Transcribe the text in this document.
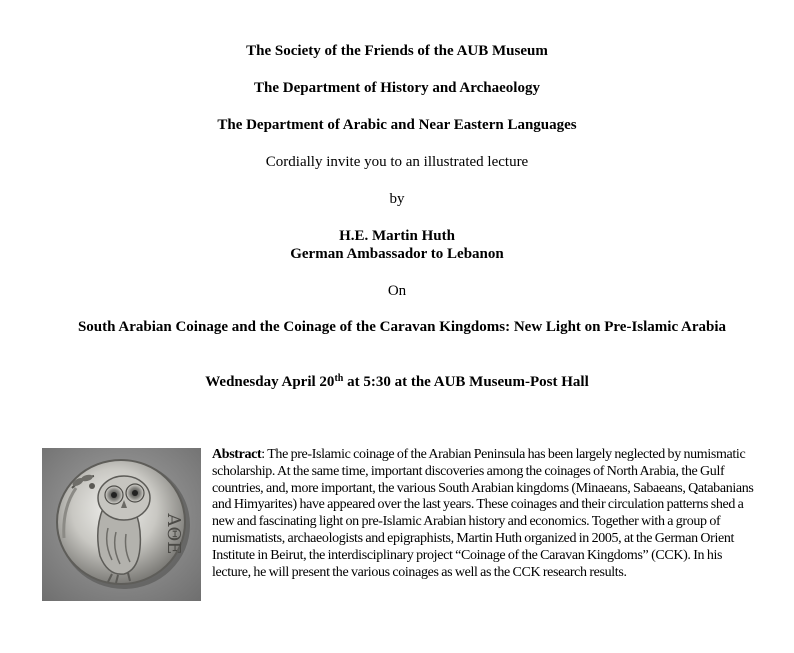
The Society of the Friends of the AUB Museum
The Department of History and Archaeology
The Department of Arabic and Near Eastern Languages
Cordially invite you to an illustrated lecture
by
H.E. Martin Huth
German Ambassador to Lebanon
On
South Arabian Coinage and the Coinage of the Caravan Kingdoms: New Light on Pre-Islamic Arabia
Wednesday April 20th at 5:30 at the AUB Museum-Post Hall
ΑΘΕ
Abstract: The pre-Islamic coinage of the Arabian Peninsula has been largely neglected by numismatic scholarship. At the same time, important discoveries among the coinages of North Arabia, the Gulf countries, and, more important, the various South Arabian kingdoms (Minaeans, Sabaeans, Qatabanians and Himyarites) have appeared over the last years. These coinages and their circulation patterns shed a new and fascinating light on pre-Islamic Arabian history and economics. Together with a group of numismatists, archaeologists and epigraphists, Martin Huth organized in 2005, at the German Orient Institute in Beirut, the interdisciplinary project “Coinage of the Caravan Kingdoms” (CCK). In his lecture, he will present the various coinages as well as the CCK research results.
